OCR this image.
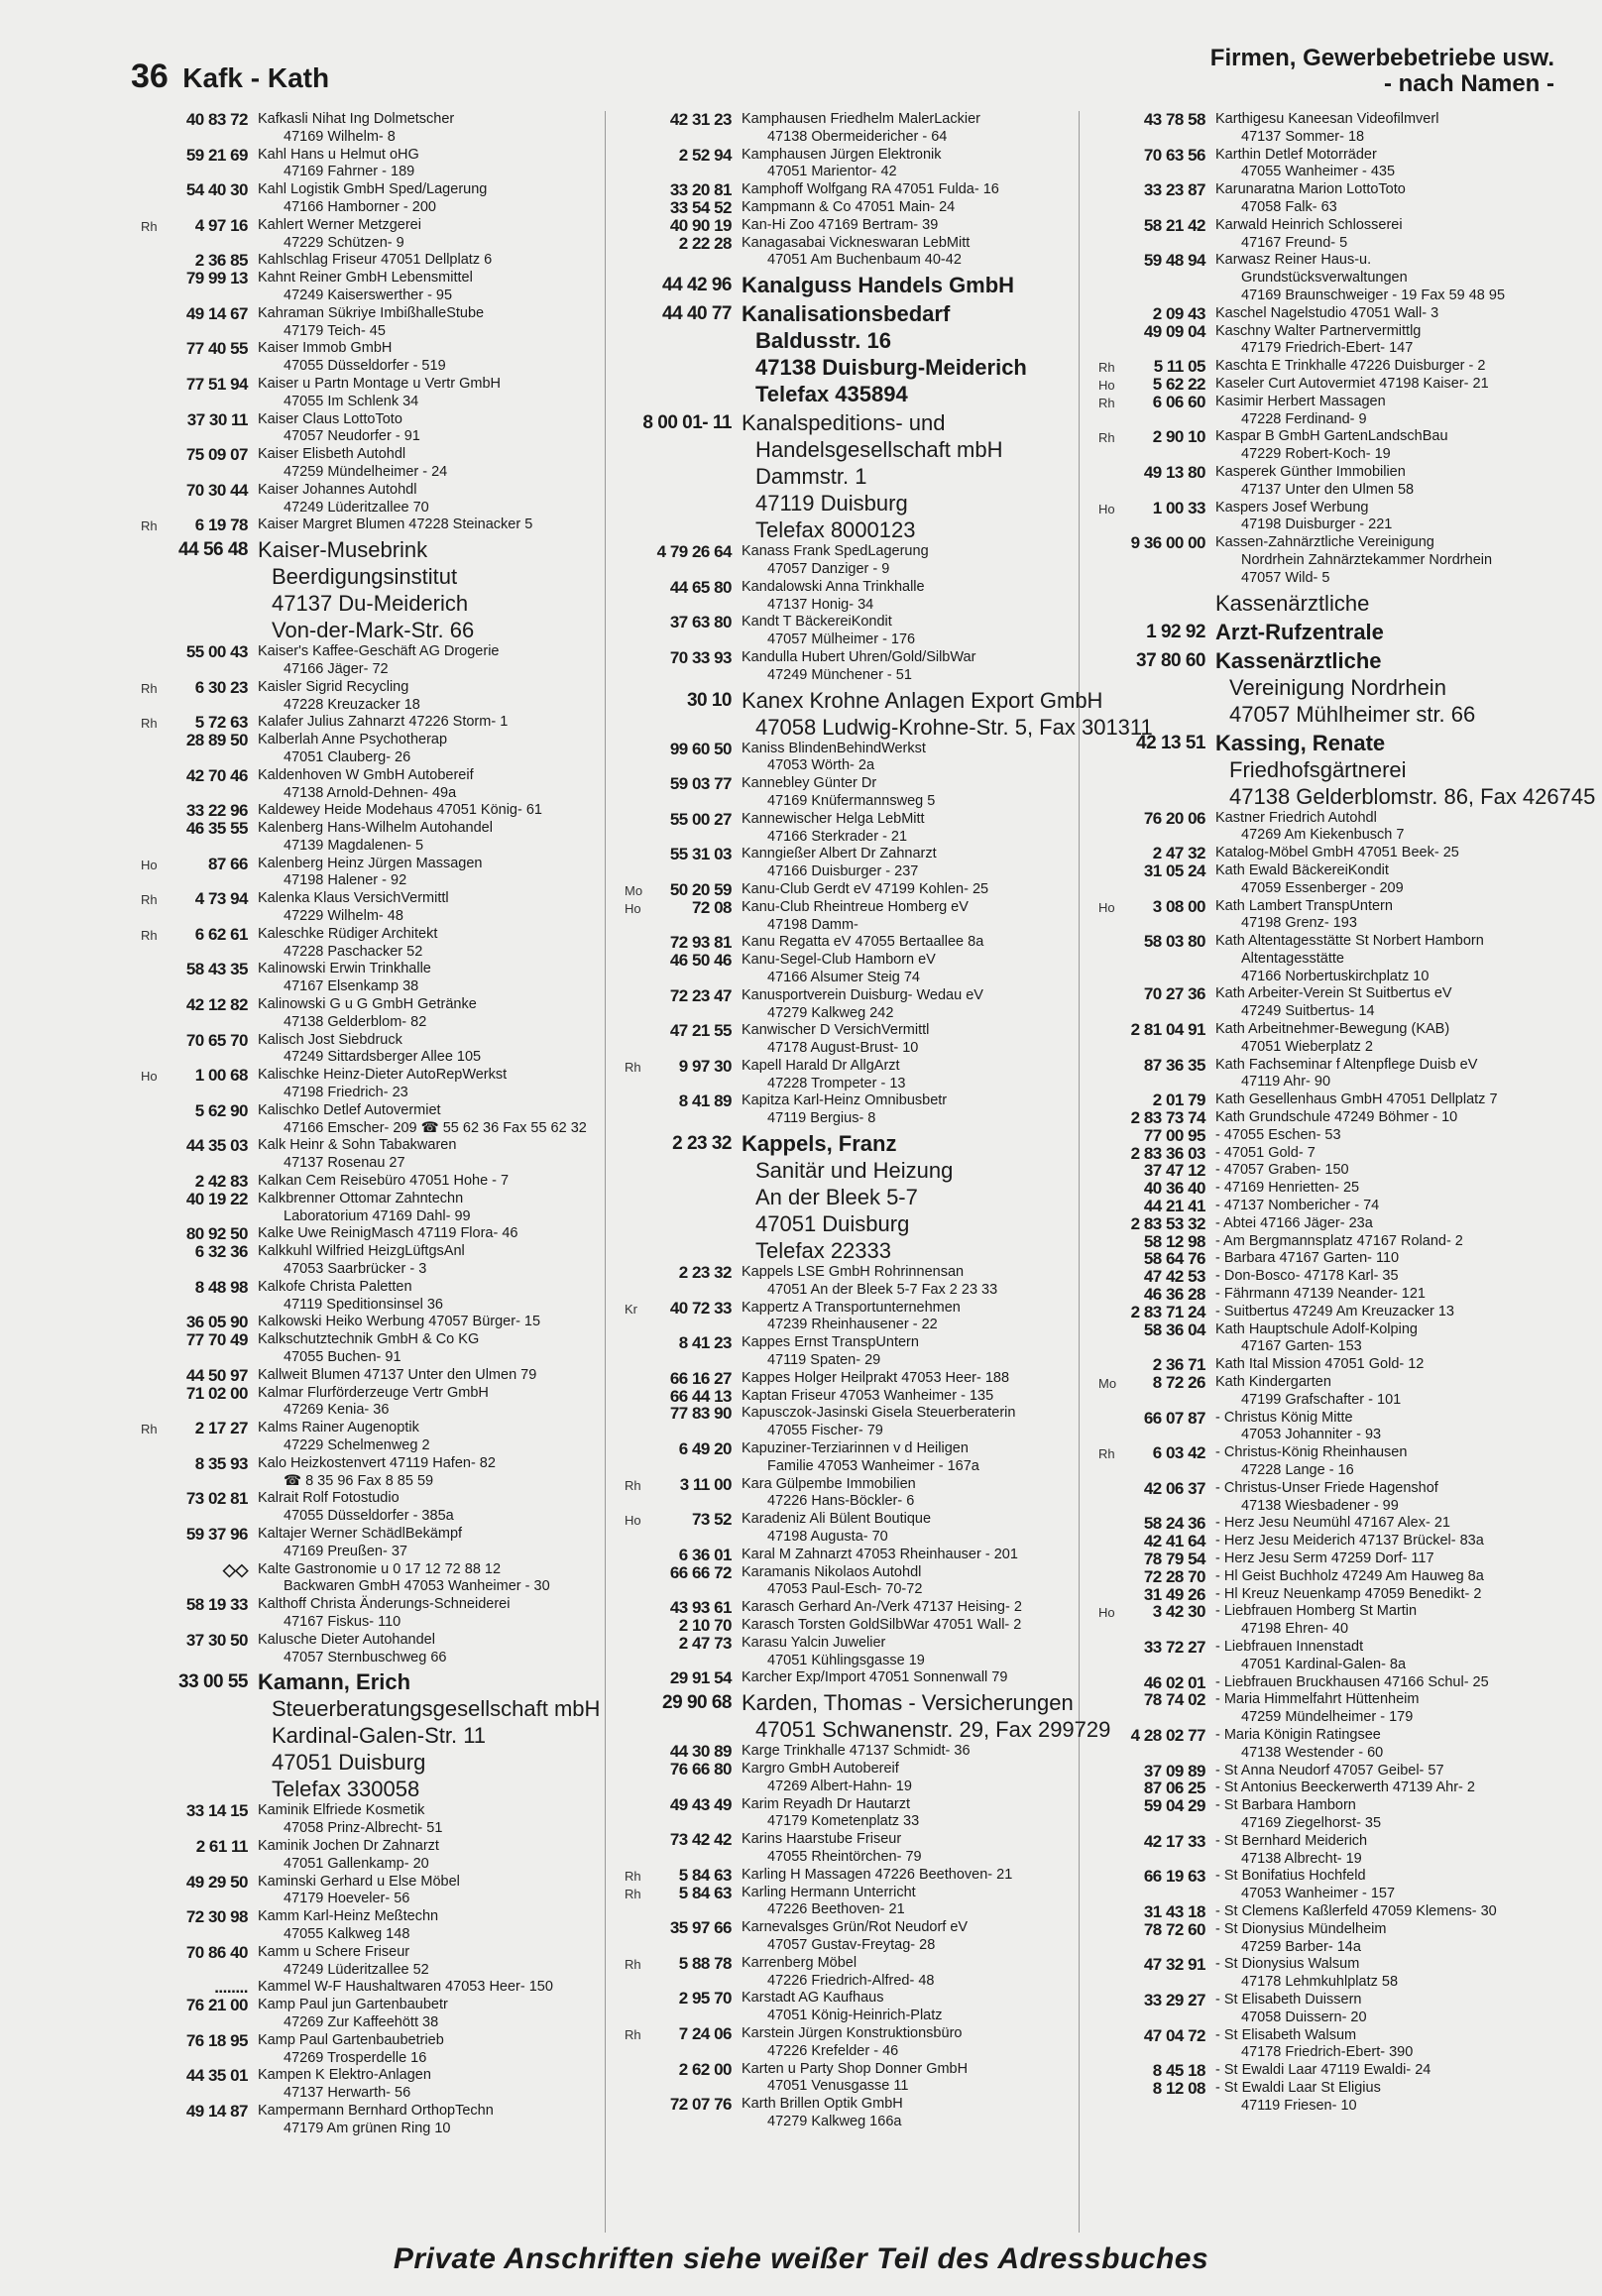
36 Kafk - Kath
Firmen, Gewerbebetriebe usw.
- nach Namen -
40 83 72 Kafkasli Nihat Ing Dolmetscher
47169 Wilhelm- 8
59 21 69 Kahl Hans u Helmut oHG
47169 Fahrner - 189
54 40 30 Kahl Logistik GmbH Sped/Lagerung
47166 Hamborner - 200
Rh	4 97 16 Kahlert Werner Metzgerei
47229 Schützen- 9
2 36 85 Kahlschlag Friseur 47051 Dellplatz 6
79 99 13 Kahnt Reiner GmbH Lebensmittel
47249 Kaiserswerther - 95
49 14 67 Kahraman Sükriye ImbißhalleStube
47179 Teich- 45
77 40 55 Kaiser Immob GmbH
47055 Düsseldorfer - 519
77 51 94 Kaiser u Partn Montage u Vertr GmbH
47055 Im Schlenk 34
37 30 11 Kaiser Claus LottoToto
47057 Neudorfer - 91
75 09 07 Kaiser Elisbeth Autohdl
47259 Mündelheimer - 24
70 30 44 Kaiser Johannes Autohdl
47249 Lüderitzallee 70
Rh	6 19 78 Kaiser Margret Blumen 47228 Steinacker 5
44 56 48 Kaiser-Musebrink
Beerdigungsinstitut
47137 Du-Meiderich
Von-der-Mark-Str. 66
55 00 43 Kaiser's Kaffee-Geschäft AG Drogerie
47166 Jäger- 72
Rh	6 30 23 Kaisler Sigrid Recycling
47228 Kreuzacker 18
Rh	5 72 63 Kalafer Julius Zahnarzt 47226 Storm- 1
28 89 50 Kalberlah Anne Psychotherap
47051 Clauberg- 26
42 70 46 Kaldenhoven W GmbH Autobereif
47138 Arnold-Dehnen- 49a
33 22 96 Kaldewey Heide Modehaus 47051 König- 61
46 35 55 Kalenberg Hans-Wilhelm Autohandel
47139 Magdalenen- 5
Ho	87 66 Kalenberg Heinz Jürgen Massagen
47198 Halener - 92
Rh	4 73 94 Kalenka Klaus VersichVermittl
47229 Wilhelm- 48
Rh	6 62 61 Kaleschke Rüdiger Architekt
47228 Paschacker 52
58 43 35 Kalinowski Erwin Trinkhalle
47167 Elsenkamp 38
42 12 82 Kalinowski G u G GmbH Getränke
47138 Gelderblom- 82
70 65 70 Kalisch Jost Siebdruck
47249 Sittardsberger Allee 105
Ho	1 00 68 Kalischke Heinz-Dieter AutoRepWerkst
47198 Friedrich- 23
5 62 90 Kalischko Detlef Autovermiet
47166 Emscher- 209 ☎ 55 62 36 Fax 55 62 32
44 35 03 Kalk Heinr & Sohn Tabakwaren
47137 Rosenau 27
2 42 83 Kalkan Cem Reisebüro 47051 Hohe - 7
40 19 22 Kalkbrenner Ottomar Zahntechn
Laboratorium 47169 Dahl- 99
80 92 50 Kalke Uwe ReinigMasch 47119 Flora- 46
6 32 36 Kalkkuhl Wilfried HeizgLüftgsAnl
47053 Saarbrücker - 3
8 48 98 Kalkofe Christa Paletten
47119 Speditionsinsel 36
36 05 90 Kalkowski Heiko Werbung 47057 Bürger- 15
77 70 49 Kalkschutztechnik GmbH & Co KG
47055 Buchen- 91
44 50 97 Kallweit Blumen 47137 Unter den Ulmen 79
71 02 00 Kalmar Flurförderzeuge Vertr GmbH
47269 Kenia- 36
Rh	2 17 27 Kalms Rainer Augenoptik
47229 Schelmenweg 2
8 35 93 Kalo Heizkostenvert 47119 Hafen- 82
☎ 8 35 96 Fax 8 85 59
73 02 81 Kalrait Rolf Fotostudio
47055 Düsseldorfer - 385a
59 37 96 Kaltajer Werner SchädlBekämpf
47169 Preußen- 37
◇◇ Kalte Gastronomie u 0 17 12 72 88 12
Backwaren GmbH 47053 Wanheimer - 30
58 19 33 Kalthoff Christa Änderungs-Schneiderei
47167 Fiskus- 110
37 30 50 Kalusche Dieter Autohandel
47057 Sternbuschweg 66
33 00 55 Kamann, Erich
Steuerberatungsgesellschaft mbH
Kardinal-Galen-Str. 11
47051 Duisburg
Telefax 330058
33 14 15 Kaminik Elfriede Kosmetik
47058 Prinz-Albrecht- 51
2 61 11 Kaminik Jochen Dr Zahnarzt
47051 Gallenkamp- 20
49 29 50 Kaminski Gerhard u Else Möbel
47179 Hoeveler- 56
72 30 98 Kamm Karl-Heinz Meßtechn
47055 Kalkweg 148
70 86 40 Kamm u Schere Friseur
47249 Lüderitzallee 52
........ Kammel W-F Haushaltwaren 47053 Heer- 150
76 21 00 Kamp Paul jun Gartenbaubetr
47269 Zur Kaffeehött 38
76 18 95 Kamp Paul Gartenbaubetrieb
47269 Trosperdelle 16
44 35 01 Kampen K Elektro-Anlagen
47137 Herwarth- 56
49 14 87 Kampermann Bernhard OrthopTechn
47179 Am grünen Ring 10
42 31 23 Kamphausen Friedhelm MalerLackier
47138 Obermeidericher - 64
2 52 94 Kamphausen Jürgen Elektronik
47051 Marientor- 42
33 20 81 Kamphoff Wolfgang RA 47051 Fulda- 16
33 54 52 Kampmann & Co 47051 Main- 24
40 90 19 Kan-Hi Zoo 47169 Bertram- 39
2 22 28 Kanagasabai Vickneswaran LebMitt
47051 Am Buchenbaum 40-42
44 42 96 Kanalguss Handels GmbH
44 40 77 Kanalisationsbedarf
Baldusstr. 16
47138 Duisburg-Meiderich
Telefax 435894
8 00 01- 11 Kanalspeditions- und
Handelsgesellschaft mbH
Dammstr. 1
47119 Duisburg
Telefax 8000123
4 79 26 64 Kanass Frank SpedLagerung
47057 Danziger - 9
44 65 80 Kandalowski Anna Trinkhalle
47137 Honig- 34
37 63 80 Kandt T BäckereiKondit
47057 Mülheimer - 176
70 33 93 Kandulla Hubert Uhren/Gold/SilbWar
47249 Münchener - 51
30 10 Kanex Krohne Anlagen Export GmbH
47058 Ludwig-Krohne-Str. 5, Fax 301311
99 60 50 Kaniss BlindenBehindWerkst
47053 Wörth- 2a
59 03 77 Kannebley Günter Dr
47169 Knüfermannsweg 5
55 00 27 Kannewischer Helga LebMitt
47166 Sterkrader - 21
55 31 03 Kanngießer Albert Dr Zahnarzt
47166 Duisburger - 237
Mo	50 20 59 Kanu-Club Gerdt eV 47199 Kohlen- 25
Ho	72 08 Kanu-Club Rheintreue Homberg eV
47198 Damm-
72 93 81 Kanu Regatta eV 47055 Bertaallee 8a
46 50 46 Kanu-Segel-Club Hamborn eV
47166 Alsumer Steig 74
72 23 47 Kanusportverein Duisburg- Wedau eV
47279 Kalkweg 242
47 21 55 Kanwischer D VersichVermittl
47178 August-Brust- 10
Rh	9 97 30 Kapell Harald Dr AllgArzt
47228 Trompeter - 13
8 41 89 Kapitza Karl-Heinz Omnibusbetr
47119 Bergius- 8
2 23 32 Kappels, Franz
Sanitär und Heizung
An der Bleek 5-7
47051 Duisburg
Telefax 22333
2 23 32 Kappels LSE GmbH Rohrinnensan
47051 An der Bleek 5-7 Fax 2 23 33
Kr	40 72 33 Kappertz A Transportunternehmen
47239 Rheinhausener - 22
8 41 23 Kappes Ernst TranspUntern
47119 Spaten- 29
66 16 27 Kappes Holger Heilprakt 47053 Heer- 188
66 44 13 Kaptan Friseur 47053 Wanheimer - 135
77 83 90 Kapusczok-Jasinski Gisela Steuerberaterin
47055 Fischer- 79
6 49 20 Kapuziner-Terziarinnen v d Heiligen
Familie 47053 Wanheimer - 167a
Rh	3 11 00 Kara Gülpembe Immobilien
47226 Hans-Böckler- 6
Ho	73 52 Karadeniz Ali Bülent Boutique
47198 Augusta- 70
6 36 01 Karal M Zahnarzt 47053 Rheinhauser - 201
66 66 72 Karamanis Nikolaos Autohdl
47053 Paul-Esch- 70-72
43 93 61 Karasch Gerhard An-/Verk 47137 Heising- 2
2 10 70 Karasch Torsten GoldSilbWar 47051 Wall- 2
2 47 73 Karasu Yalcin Juwelier
47051 Kühlingsgasse 19
29 91 54 Karcher Exp/Import 47051 Sonnenwall 79
29 90 68 Karden, Thomas - Versicherungen
47051 Schwanenstr. 29, Fax 299729
44 30 89 Karge Trinkhalle 47137 Schmidt- 36
76 66 80 Kargro GmbH Autobereif
47269 Albert-Hahn- 19
49 43 49 Karim Reyadh Dr Hautarzt
47179 Kometenplatz 33
73 42 42 Karins Haarstube Friseur
47055 Rheintörchen- 79
Rh	5 84 63 Karling H Massagen 47226 Beethoven- 21
Rh	5 84 63 Karling Hermann Unterricht
47226 Beethoven- 21
35 97 66 Karnevalsges Grün/Rot Neudorf eV
47057 Gustav-Freytag- 28
Rh	5 88 78 Karrenberg Möbel
47226 Friedrich-Alfred- 48
2 95 70 Karstadt AG Kaufhaus
47051 König-Heinrich-Platz
Rh	7 24 06 Karstein Jürgen Konstruktionsbüro
47226 Krefelder - 46
2 62 00 Karten u Party Shop Donner GmbH
47051 Venusgasse 11
72 07 76 Karth Brillen Optik GmbH
47279 Kalkweg 166a
43 78 58 Karthigesu Kaneesan Videofilmverl
47137 Sommer- 18
70 63 56 Karthin Detlef Motorräder
47055 Wanheimer - 435
33 23 87 Karunaratna Marion LottoToto
47058 Falk- 63
58 21 42 Karwald Heinrich Schlosserei
47167 Freund- 5
59 48 94 Karwasz Reiner Haus-u.
Grundstücksverwaltungen
47169 Braunschweiger - 19 Fax 59 48 95
2 09 43 Kaschel Nagelstudio 47051 Wall- 3
49 09 04 Kaschny Walter Partnervermittlg
47179 Friedrich-Ebert- 147
Rh	5 11 05 Kaschta E Trinkhalle 47226 Duisburger - 2
Ho	5 62 22 Kaseler Curt Autovermiet 47198 Kaiser- 21
Rh	6 06 60 Kasimir Herbert Massagen
47228 Ferdinand- 9
Rh	2 90 10 Kaspar B GmbH GartenLandschBau
47229 Robert-Koch- 19
49 13 80 Kasperek Günther Immobilien
47137 Unter den Ulmen 58
Ho	1 00 33 Kaspers Josef Werbung
47198 Duisburger - 221
9 36 00 00 Kassen-Zahnärztliche Vereinigung
Nordrhein Zahnärztekammer Nordrhein
47057 Wild- 5
Kassenärztliche
1 92 92 Arzt-Rufzentrale
37 80 60 Kassenärztliche
Vereinigung Nordrhein
47057 Mühlheimer str. 66
42 13 51 Kassing, Renate
Friedhofsgärtnerei
47138 Gelderblomstr. 86, Fax 426745
76 20 06 Kastner Friedrich Autohdl
47269 Am Kiekenbusch 7
2 47 32 Katalog-Möbel GmbH 47051 Beek- 25
31 05 24 Kath Ewald BäckereiKondit
47059 Essenberger - 209
Ho	3 08 00 Kath Lambert TranspUntern
47198 Grenz- 193
58 03 80 Kath Altentagesstätte St Norbert Hamborn
Altentagesstätte
47166 Norbertuskirchplatz 10
70 27 36 Kath Arbeiter-Verein St Suitbertus eV
47249 Suitbertus- 14
2 81 04 91 Kath Arbeitnehmer-Bewegung (KAB)
47051 Wieberplatz 2
87 36 35 Kath Fachseminar f Altenpflege Duisb eV
47119 Ahr- 90
2 01 79 Kath Gesellenhaus GmbH 47051 Dellplatz 7
2 83 73 74 Kath Grundschule 47249 Böhmer - 10
77 00 95 - 47055 Eschen- 53
2 83 36 03 - 47051 Gold- 7
37 47 12 - 47057 Graben- 150
40 36 40 - 47169 Henrietten- 25
44 21 41 - 47137 Nombericher - 74
2 83 53 32 - Abtei 47166 Jäger- 23a
58 12 98 - Am Bergmannsplatz 47167 Roland- 2
58 64 76 - Barbara 47167 Garten- 110
47 42 53 - Don-Bosco- 47178 Karl- 35
46 36 28 - Fährmann 47139 Neander- 121
2 83 71 24 - Suitbertus 47249 Am Kreuzacker 13
58 36 04 Kath Hauptschule Adolf-Kolping
47167 Garten- 153
2 36 71 Kath Ital Mission 47051 Gold- 12
Mo	8 72 26 Kath Kindergarten
47199 Grafschafter - 101
66 07 87 - Christus König Mitte
47053 Johanniter - 93
Rh	6 03 42 - Christus-König Rheinhausen
47228 Lange - 16
42 06 37 - Christus-Unser Friede Hagenshof
47138 Wiesbadener - 99
58 24 36 - Herz Jesu Neumühl 47167 Alex- 21
42 41 64 - Herz Jesu Meiderich 47137 Brückel- 83a
78 79 54 - Herz Jesu Serm 47259 Dorf- 117
72 28 70 - Hl Geist Buchholz 47249 Am Hauweg 8a
31 49 26 - Hl Kreuz Neuenkamp 47059 Benedikt- 2
Ho	3 42 30 - Liebfrauen Homberg St Martin
47198 Ehren- 40
33 72 27 - Liebfrauen Innenstadt
47051 Kardinal-Galen- 8a
46 02 01 - Liebfrauen Bruckhausen 47166 Schul- 25
78 74 02 - Maria Himmelfahrt Hüttenheim
47259 Mündelheimer - 179
4 28 02 77 - Maria Königin Ratingsee
47138 Westender - 60
37 09 89 - St Anna Neudorf 47057 Geibel- 57
87 06 25 - St Antonius Beeckerwerth 47139 Ahr- 2
59 04 29 - St Barbara Hamborn
47169 Ziegelhorst- 35
42 17 33 - St Bernhard Meiderich
47138 Albrecht- 19
66 19 63 - St Bonifatius Hochfeld
47053 Wanheimer - 157
31 43 18 - St Clemens Kaßlerfeld 47059 Klemens- 30
78 72 60 - St Dionysius Mündelheim
47259 Barber- 14a
47 32 91 - St Dionysius Walsum
47178 Lehmkuhlplatz 58
33 29 27 - St Elisabeth Duissern
47058 Duissern- 20
47 04 72 - St Elisabeth Walsum
47178 Friedrich-Ebert- 390
8 45 18 - St Ewaldi Laar 47119 Ewaldi- 24
8 12 08 - St Ewaldi Laar St Eligius
47119 Friesen- 10
Private Anschriften siehe weißer Teil des Adressbuches
